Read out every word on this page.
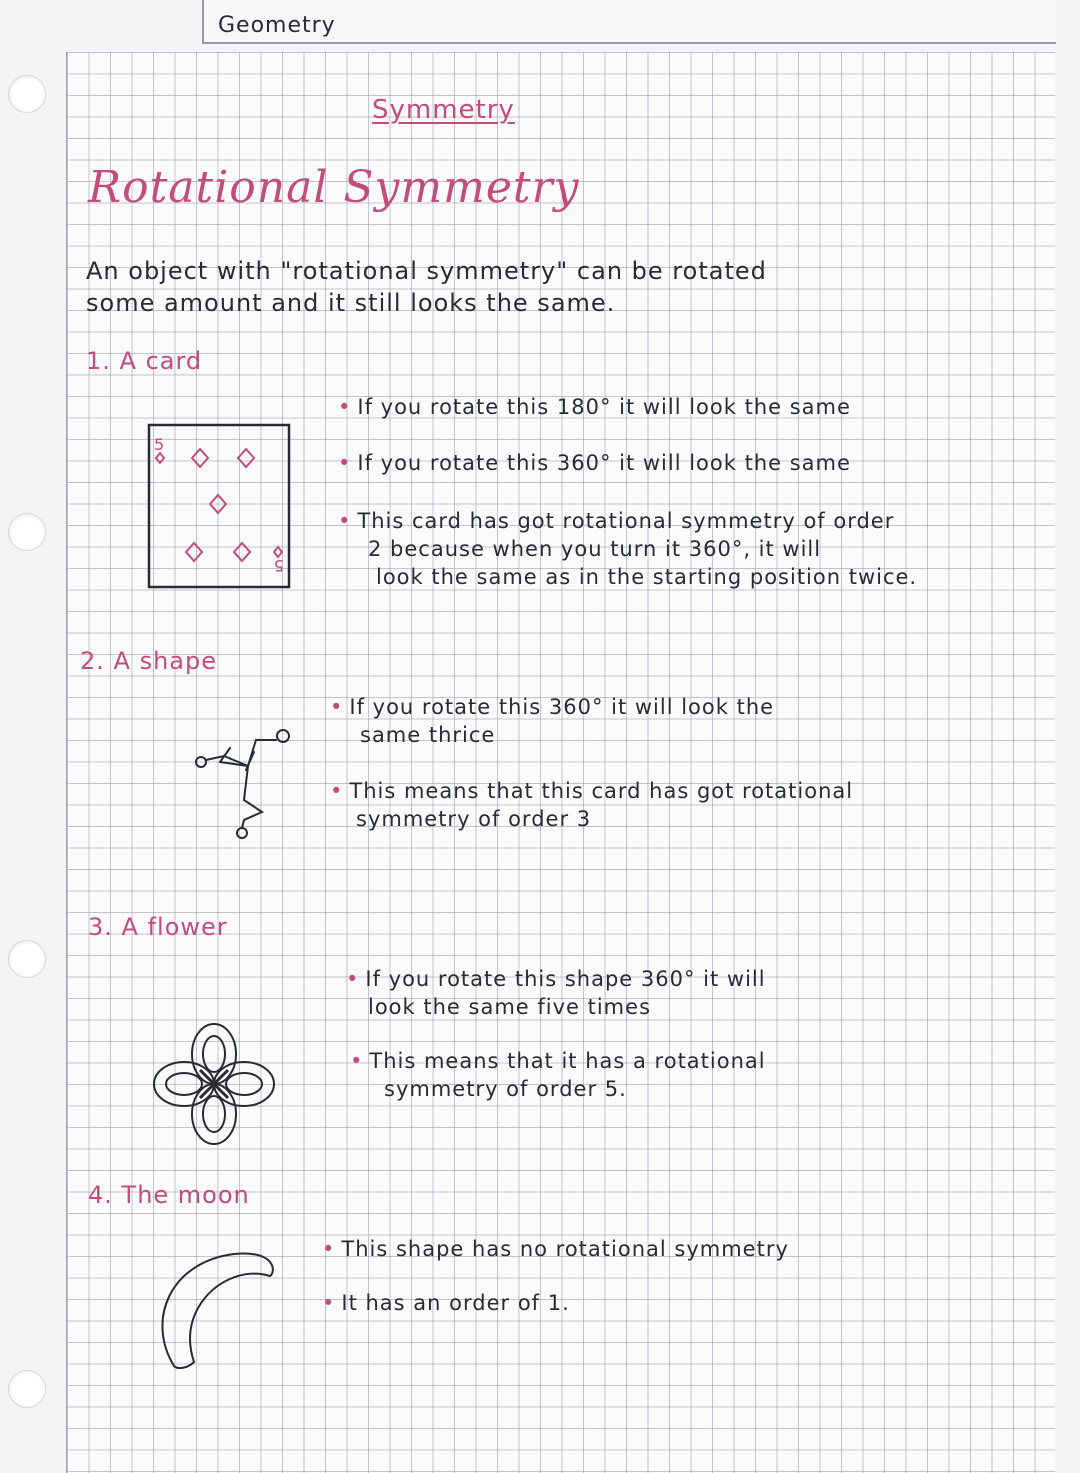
Geometry
Symmetry
Rotational Symmetry
An object with "rotational symmetry" can be rotated
some amount and it still looks the same.
1. A card
5
5
• If you rotate this 180° it will look the same
• If you rotate this 360° it will look the same
• This card has got rotational symmetry of order
2 because when you turn it 360°, it will
look the same as in the starting position twice.
2. A shape
• If you rotate this 360° it will look the
same thrice
• This means that this card has got rotational
symmetry of order 3
3. A flower
• If you rotate this shape 360° it will
look the same five times
• This means that it has a rotational
symmetry of order 5.
4. The moon
• This shape has no rotational symmetry
• It has an order of 1.
